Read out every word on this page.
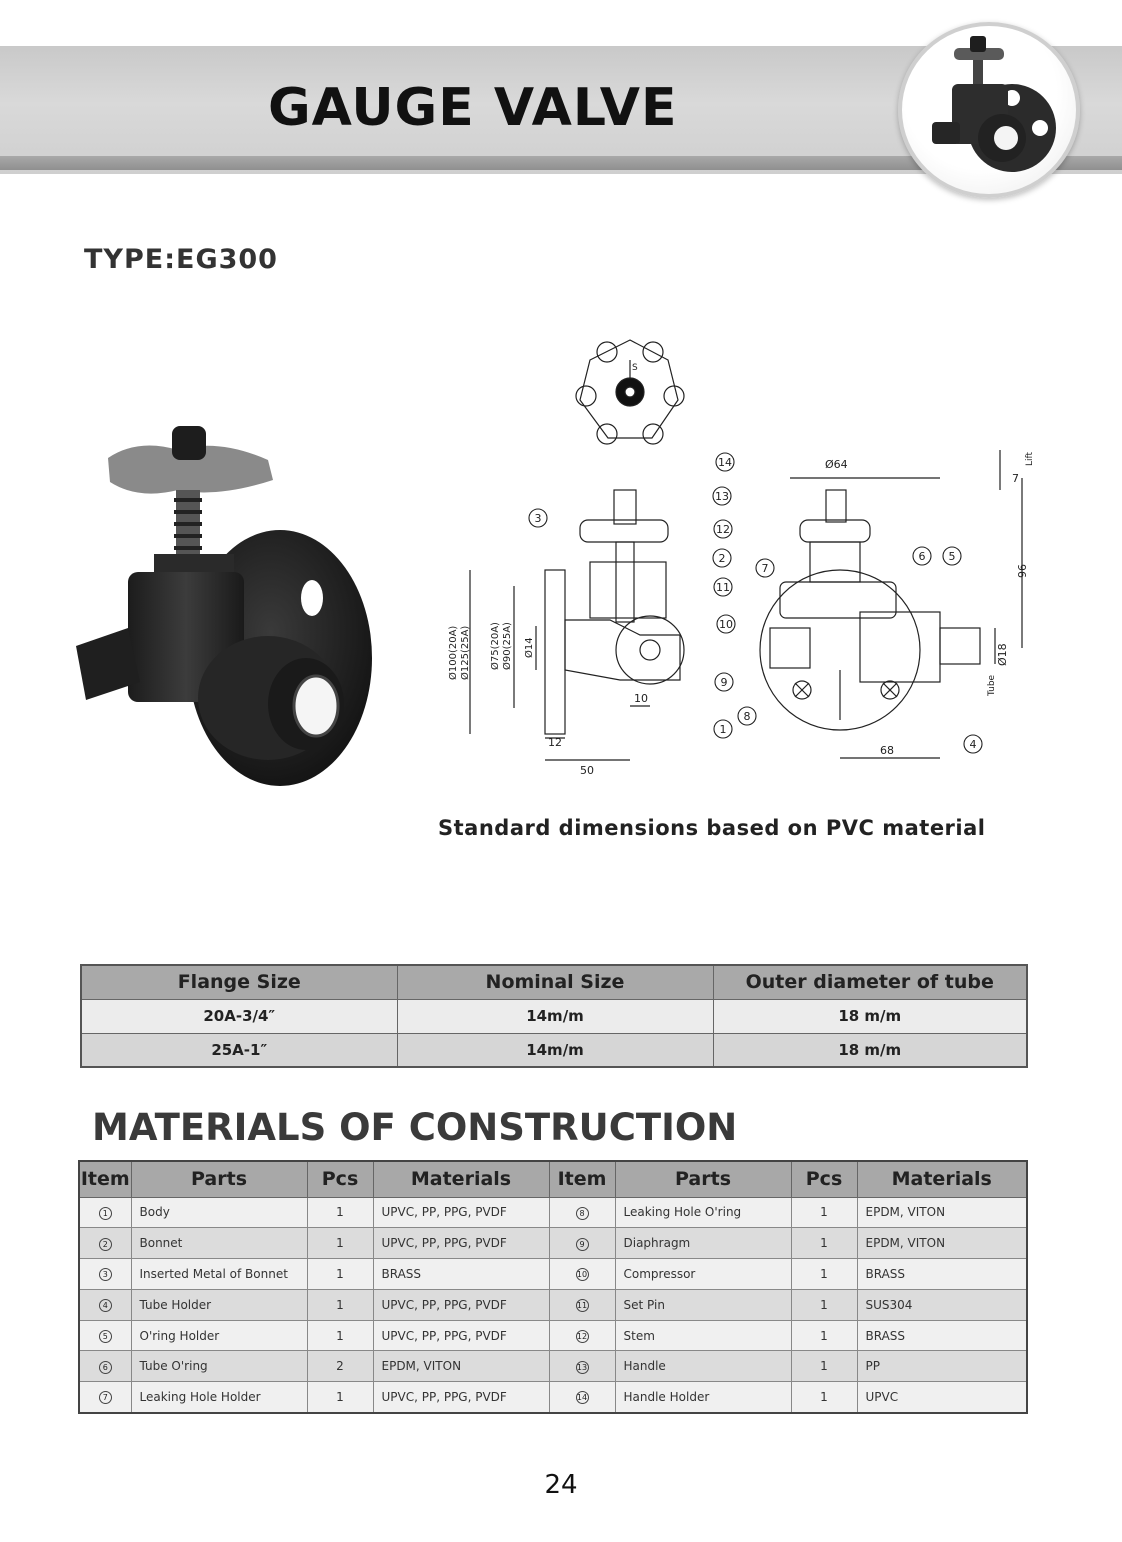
GAUGE VALVE
TYPE:EG300
14
13
3
12
2
11
10
9
1
8
7
6 5
4
Ø64
7
Lift
96
Ø18
Tube
68
Ø100(20A) Ø125(25A) Ø75(20A) Ø90(25A) Ø14
10
12
50
S
Standard dimensions based on PVC material
Flange Size	Nominal Size	Outer diameter of tube
20A-3/4″	14m/m	18 m/m
25A-1″	14m/m	18 m/m
MATERIALS OF CONSTRUCTION
Item	Parts	Pcs	Materials	Item	Parts	Pcs	Materials
1	Body	1	UPVC, PP, PPG, PVDF	8	Leaking Hole O'ring	1	EPDM, VITON
2	Bonnet	1	UPVC, PP, PPG, PVDF	9	Diaphragm	1	EPDM, VITON
3	Inserted Metal of Bonnet	1	BRASS	10	Compressor	1	BRASS
4	Tube Holder	1	UPVC, PP, PPG, PVDF	11	Set Pin	1	SUS304
5	O'ring Holder	1	UPVC, PP, PPG, PVDF	12	Stem	1	BRASS
6	Tube O'ring	2	EPDM, VITON	13	Handle	1	PP
7	Leaking Hole Holder	1	UPVC, PP, PPG, PVDF	14	Handle Holder	1	UPVC
24
